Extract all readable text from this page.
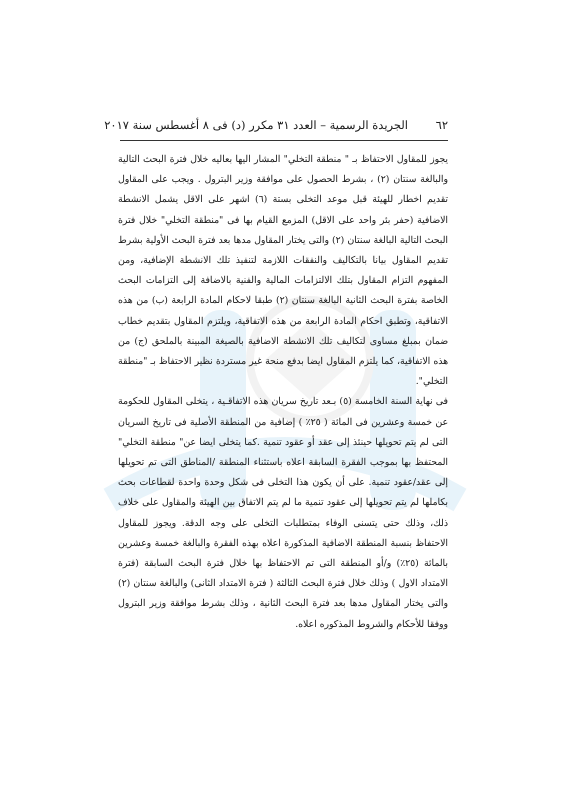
٦٢
الجريدة الرسمية – العدد ٣١ مكرر (د) فى ٨ أغسطس سنة ٢٠١٧

يجوز للمقاول الاحتفاظ بـ " منطقة التخلي" المشار اليها بعاليه خلال فترة البحث التالية والبالغة سنتان (٢) ، بشرط الحصول على موافقة وزير البترول . ويجب على المقاول تقديم اخطار للهيئة قبل موعد التخلى بستة (٦) اشهر على الاقل يشمل الانشطة الاضافية (حفر بئر واحد على الاقل) المزمع القيام بها فى "منطقة التخلي" خلال فترة البحث التالية البالغة سنتان (٢) والتى يختار المقاول مدها بعد فترة البحث الأولية بشرط تقديم المقاول بيانا بالتكاليف والنفقات اللازمة لتنفيذ تلك الانشطة الإضافية، ومن المفهوم التزام المقاول بتلك الالتزامات المالية والفنية بالاضافة إلى التزامات البحث الخاصة بفترة البحث الثانية البالغة سنتان (٢) طبقا لاحكام المادة الرابعة (ب) من هذه الاتفاقية، وتطبق احكام المادة الرابعة من هذه الاتفاقية، ويلتزم المقاول بتقديم خطاب ضمان بمبلغ مساوى لتكاليف تلك الانشطة الاضافية بالصيغة المبينة بالملحق (ج) من هذه الاتفاقية، كما يلتزم المقاول ايضا بدفع منحة غير مستردة نظير الاحتفاظ بـ "منطقة التخلي".

فى نهاية السنة الخامسة (٥) بـعد تاريخ سريان هذه الاتفاقـية ، يتخلى المقاول للحكومة عن خمسة وعشرين فى المائة ( ٢٥٪ ) إضافية من المنطقة الأصلية فى تاريخ السريان التى لم يتم تحويلها حينئذ إلى عقد أو عقود تنمية .كما يتخلى ايضا عن" منطقة التخلي" المحتفظ بها بموجب الفقرة السابقة اعلاه باستثناء المنطقة /المناطق التى تم تحويلها إلى عقد/عقود تنمية. على أن يكون هذا التخلى فى شكل وحدة واحدة لقطاعات بحث بكاملها لم يتم تحويلها إلى عقود تنمية ما لم يتم الاتفاق بين الهيئة والمقاول على خلاف ذلك، وذلك حتى يتسنى الوفاء بمتطلبات التخلى على وجه الدقة. ويجوز للمقاول الاحتفاظ بنسبة المنطقة الاضافية المذكورة اعلاه بهذه الفقرة والبالغة خمسة وعشرين بالمائة (٢٥٪) و/أو المنطقة التى تم الاحتفاظ بها خلال فترة البحث السابقة (فترة الامتداد الاول ) وذلك خلال فترة البحث الثالثة ( فترة الامتداد الثانى) والبالغة سنتان (٢) والتى يختار المقاول مدها بعد فترة البحث الثانية ، وذلك بشرط موافقة وزير البترول ووفقا للأحكام والشروط المذكوره اعلاه.
